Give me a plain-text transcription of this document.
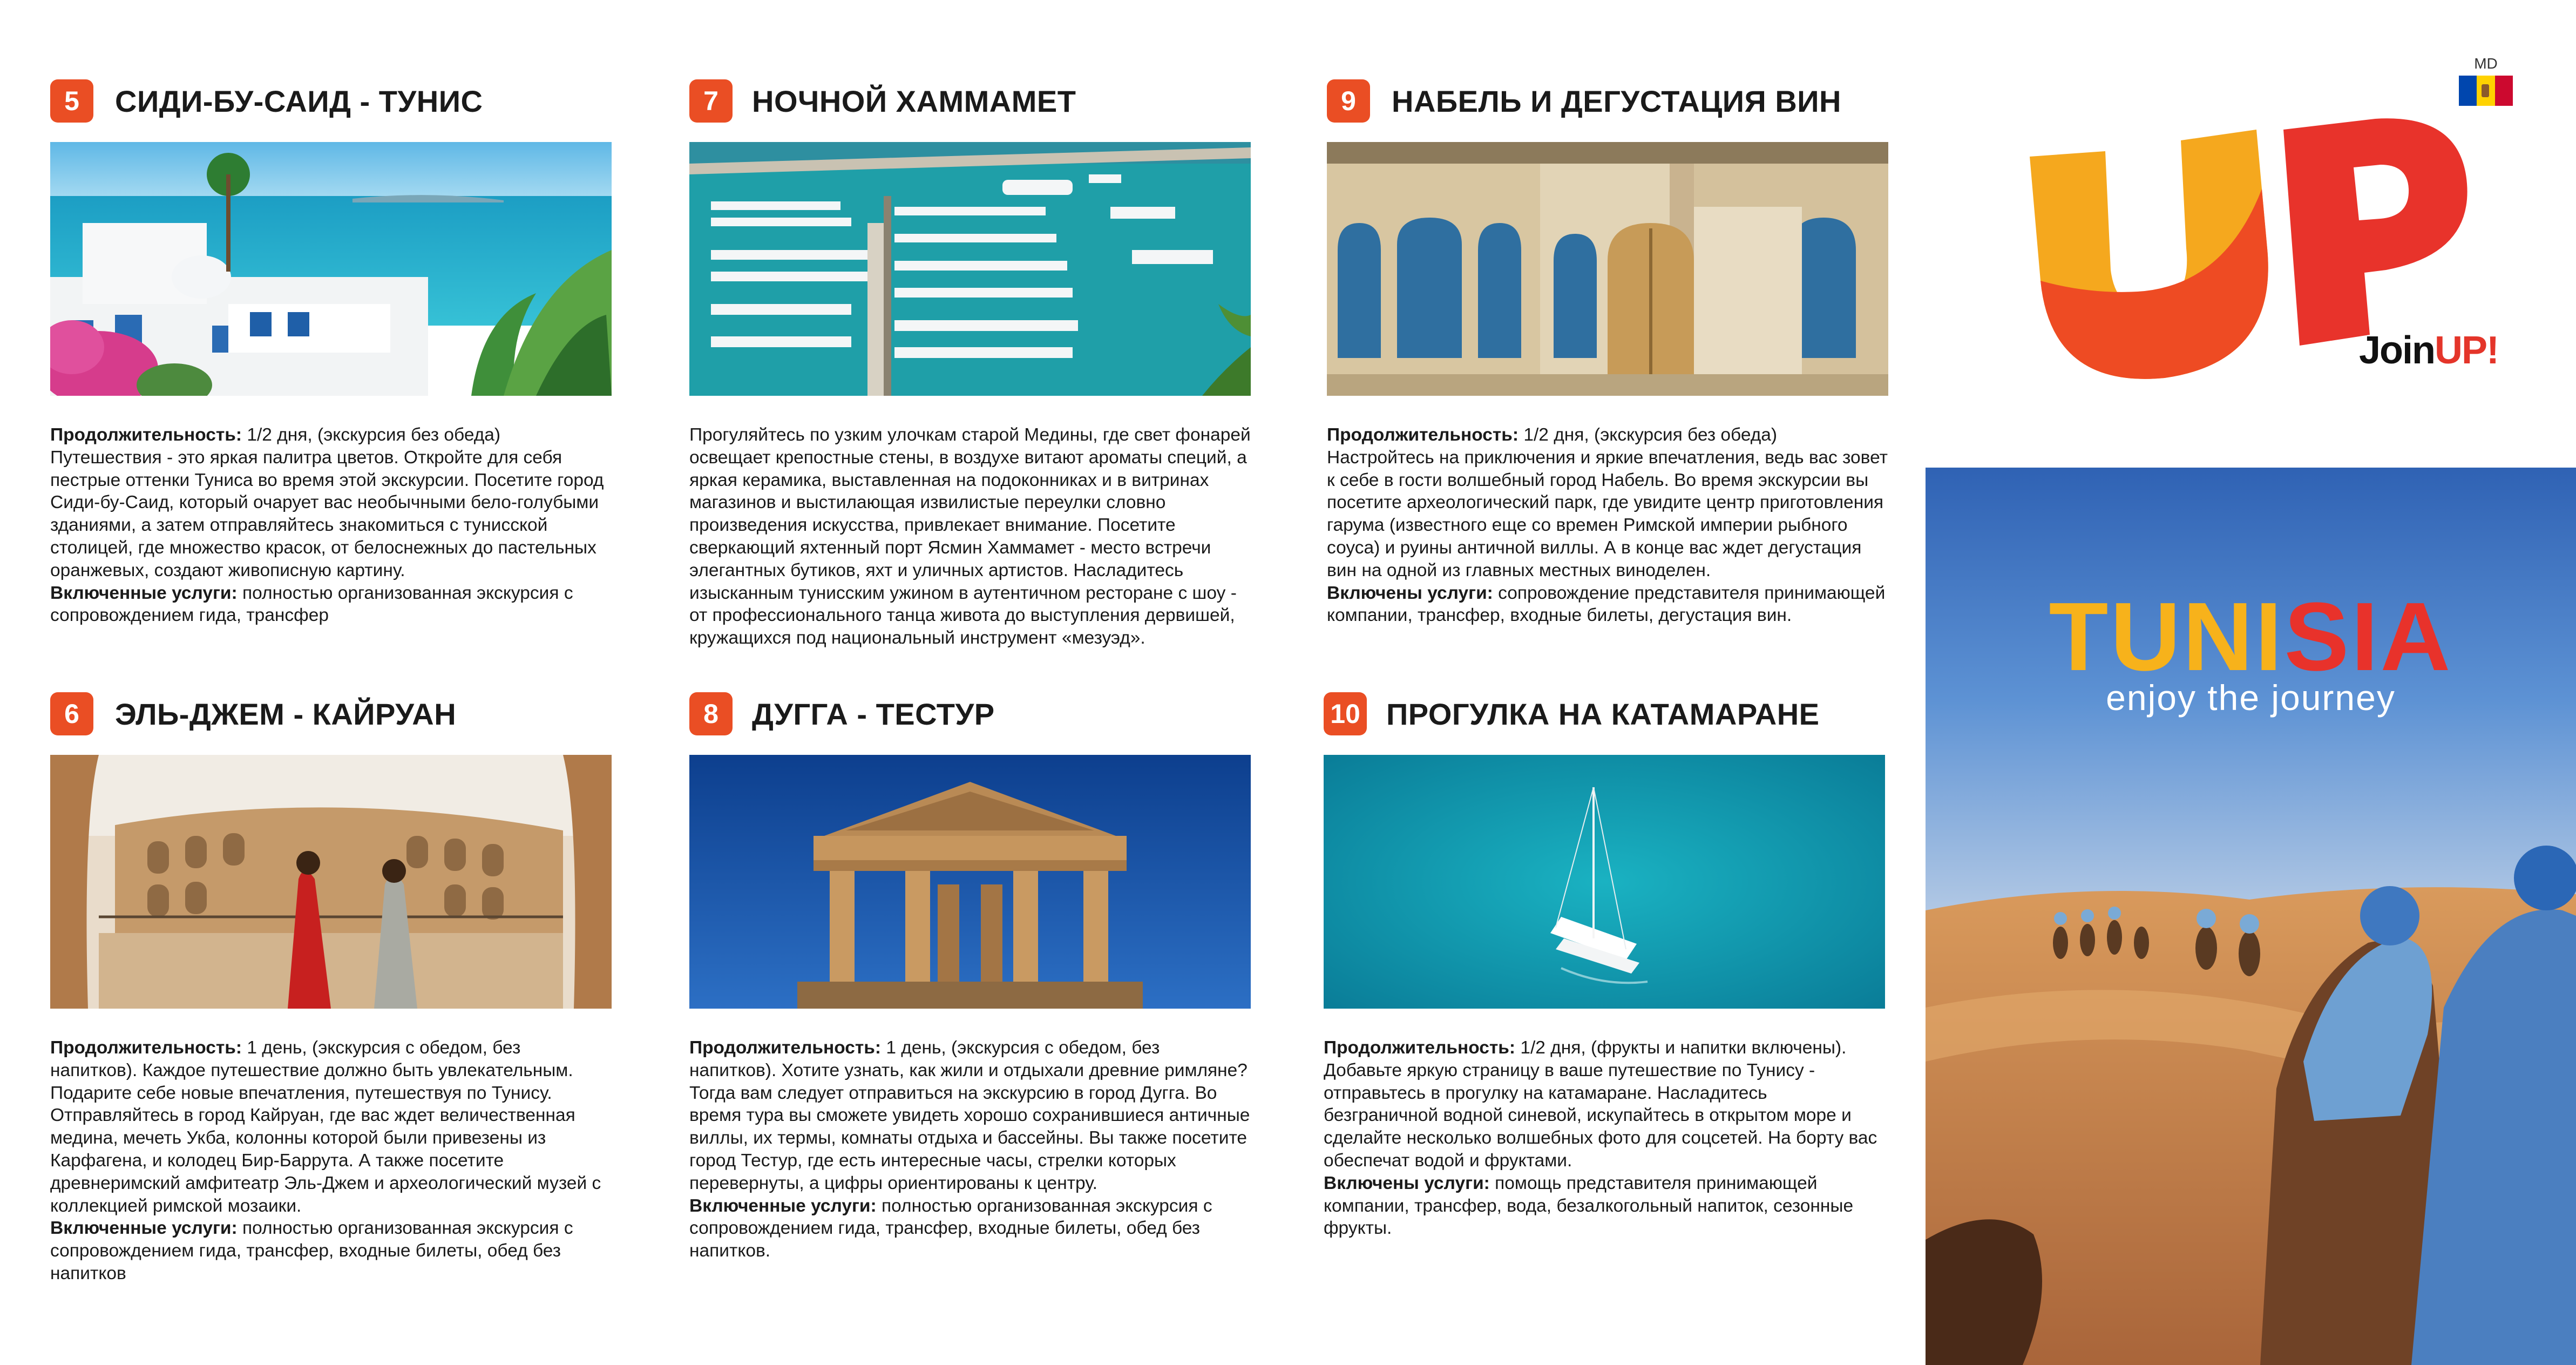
5	СИДИ-БУ-САИД - ТУНИС

Продолжительность: 1/2 дня, (экскурсия без обеда)

Путешествия - это яркая палитра цветов. Откройте для себя пестрые оттенки Туниса во время этой экскурсии. Посетите город Сиди-бу-Саид, который очарует вас необычными бело-голубыми зданиями, а затем отправляйтесь знакомиться с тунисской столицей, где множество красок, от белоснежных до пастельных оранжевых, создают живописную картину.

Включенные услуги: полностью организованная экскурсия с сопровождением гида, трансфер

7	НОЧНОЙ ХАММАМЕТ

Прогуляйтесь по узким улочкам старой Медины, где свет фонарей освещает крепостные стены, в воздухе витают ароматы специй, а яркая керамика, выставленная на подоконниках и в витринах магазинов и выстилающая извилистые переулки словно произведения искусства, привлекает внимание. Посетите сверкающий яхтенный порт Ясмин Хаммамет - место встречи элегантных бутиков, яхт и уличных артистов. Насладитесь изысканным тунисским ужином в аутентичном ресторане с шоу - от профессионального танца живота до выступления дервишей, кружащихся под национальный инструмент «мезуэд».

9	НАБЕЛЬ И ДЕГУСТАЦИЯ ВИН

Продолжительность: 1/2 дня, (экскурсия без обеда)

Настройтесь на приключения и яркие впечатления, ведь вас зовет к себе в гости волшебный город Набель. Во время экскурсии вы посетите археологический парк, где увидите центр приготовления гарума (известного еще со времен Римской империи рыбного соуса) и руины античной виллы. А в конце вас ждет дегустация вин на одной из главных местных виноделен.

Включены услуги: сопровождение представителя принимающей компании, трансфер, входные билеты, дегустация вин.

6	ЭЛЬ-ДЖЕМ - КАЙРУАН

Продолжительность: 1 день, (экскурсия с обедом, без напитков). Каждое путешествие должно быть увлекательным. Подарите себе новые впечатления, путешествуя по Тунису. Отправляйтесь в город Кайруан, где вас ждет величественная медина, мечеть Укба, колонны которой были привезены из Карфагена, и колодец Бир-Баррута. А также посетите древнеримский амфитеатр Эль-Джем и археологический музей с коллекцией римской мозаики.

Включенные услуги: полностью организованная экскурсия с сопровождением гида, трансфер, входные билеты, обед без напитков

8	ДУГГА - ТЕСТУР

Продолжительность: 1 день, (экскурсия с обедом, без напитков). Хотите узнать, как жили и отдыхали древние римляне? Тогда вам следует отправиться на экскурсию в город Дугга. Во время тура вы сможете увидеть хорошо сохранившиеся античные виллы, их термы, комнаты отдыха и бассейны. Вы также посетите город Тестур, где есть интересные часы, стрелки которых перевернуты, а цифры ориентированы к центру.

Включенные услуги: полностью организованная экскурсия с сопровождением гида, трансфер, входные билеты, обед без напитков.

10 ПРОГУЛКА НА КАТАМАРАНЕ

Продолжительность: 1/2 дня, (фрукты и напитки включены). Добавьте яркую страницу в ваше путешествие по Тунису - отправьтесь в прогулку на катамаране. Насладитесь безграничной водной синевой, искупайтесь в открытом море и сделайте несколько волшебных фото для соцсетей. На борту вас обеспечат водой и фруктами.

Включены услуги: помощь представителя принимающей компании, трансфер, вода, безалкогольный напиток, сезонные фрукты.

JoinUP!
MD
TUNISIA
enjoy the journey
